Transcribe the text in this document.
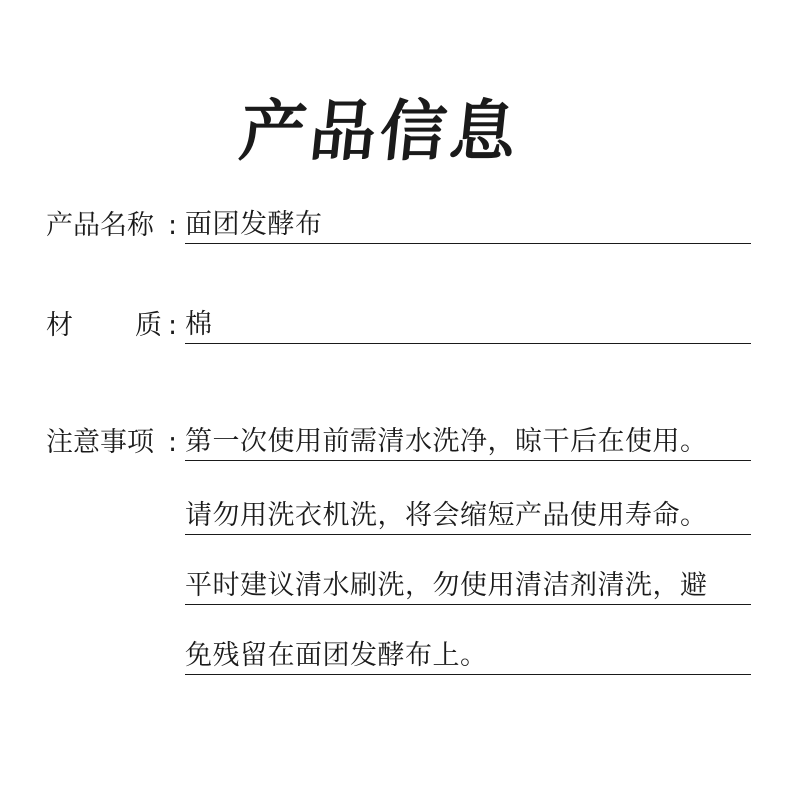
产品信息
产品名称 : 面团发酵布
材 质 : 棉
注意事项 : 第一次使用前需清水洗净，晾干后在使用。
请勿用洗衣机洗，将会缩短产品使用寿命。
平时建议清水刷洗，勿使用清洁剂清洗，避
免残留在面团发酵布上。
